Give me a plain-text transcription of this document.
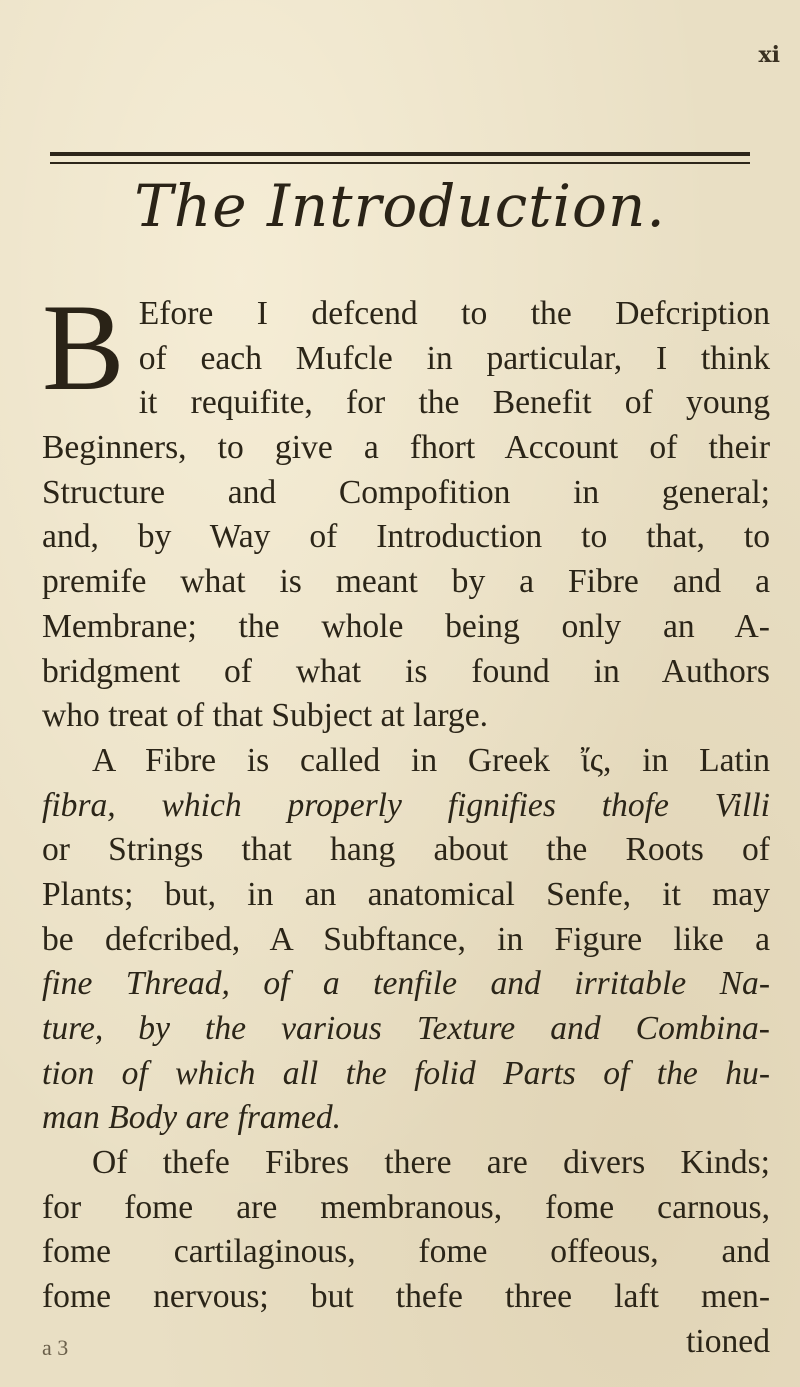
xi
The Introduction.
B Efore I defcend to the Defcription
of each Mufcle in particular, I think
it requifite, for the Benefit of young
Beginners, to give a fhort Account of their
Structure and Compofition in general;
and, by Way of Introduction to that, to
premife what is meant by a Fibre and a
Membrane; the whole being only an A-
bridgment of what is found in Authors
who treat of that Subject at large.
A Fibre is called in Greek ἴς, in Latin
fibra, which properly fignifies thofe Villi
or Strings that hang about the Roots of
Plants; but, in an anatomical Senfe, it may
be defcribed, A Subftance, in Figure like a
fine Thread, of a tenfile and irritable Na-
ture, by the various Texture and Combina-
tion of which all the folid Parts of the hu-
man Body are framed.
Of thefe Fibres there are divers Kinds;
for fome are membranous, fome carnous,
fome cartilaginous, fome offeous, and
fome nervous; but thefe three laft men-
a 3	tioned
